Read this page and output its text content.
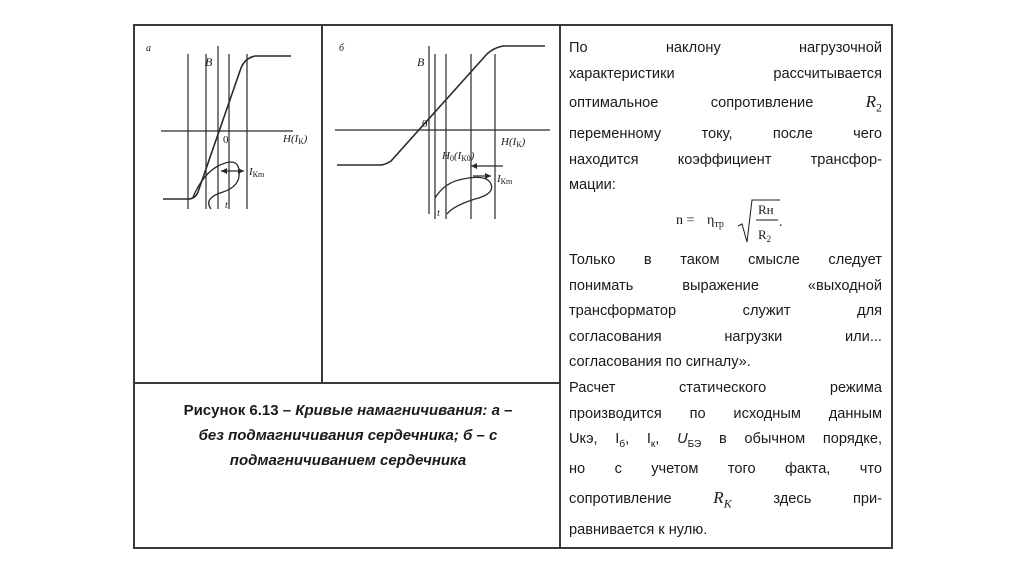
а
B
0	H(IК)
IКm
t
б
B
0
H(IК)
H0(IК0)
IКm
t
Рисунок 6.13 – Кривые намагничивания: а –
без подмагничивания сердечника; б – с
подмагничиванием сердечника
По наклону нагрузочной
характеристики рассчитывается
оптимальное сопротивление	$R_2$
переменному току, после чего
находится коэффициент трансфор-
мации:
$n = \eta_{тр}$
Rн
$R_2$
.
Только в таком смысле следует
понимать выражение «выходной
трансформатор служит для
согласования нагрузки или...
согласования по сигналу».
Расчет статического режима
производится по исходным данным
Uкэ, $I_б$, $I_к$, $U_{БЭ}$ в обычном порядке,
но с учетом того факта, что
сопротивление $R_K$	здесь при-
равнивается к нулю.
